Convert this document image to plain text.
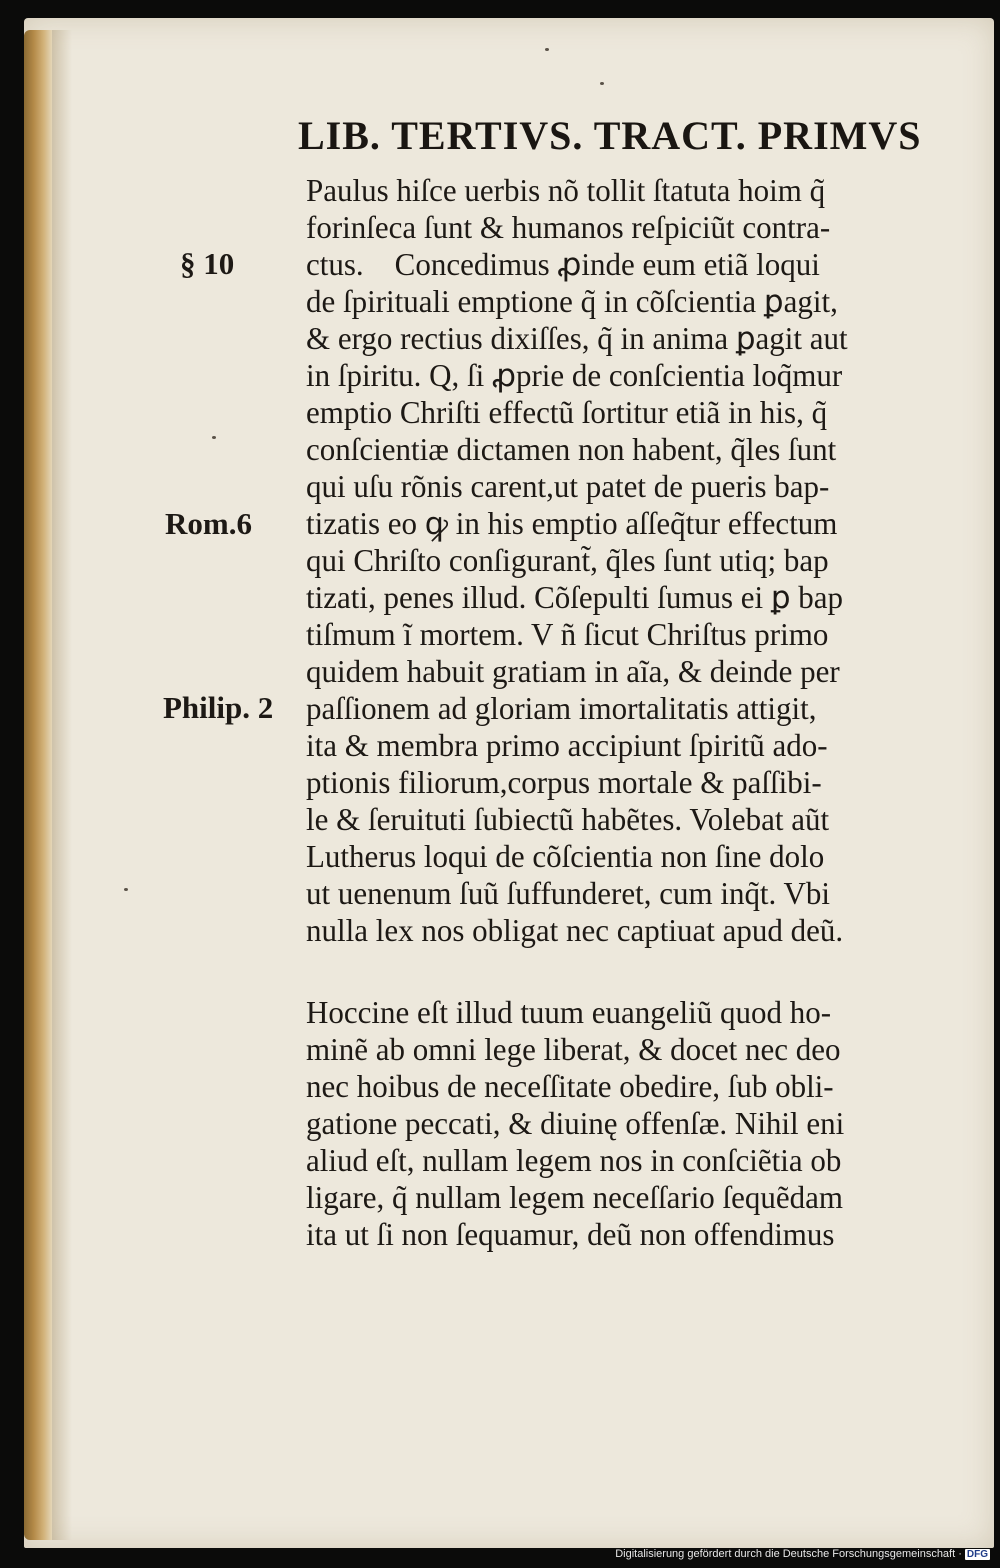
LIB. TERTIVS. TRACT. PRIMVS
§ 10
Rom.6
Philip. 2
Paulus hiſce uerbis nõ tollit ſtatuta hoim q̃
forinſeca ſunt & humanos reſpiciũt contra-
ctus.    Concedimus ꝓinde eum etiã loqui
de ſpirituali emptione q̃ in cõſcientia ꝑagit,
& ergo rectius dixiſſes, q̃ in anima ꝑagit aut
in ſpiritu. Q, ſi ꝓprie de conſcientia loq̃mur
emptio Chriſti effectũ ſortitur etiã in his, q̃
conſcientiæ dictamen non habent, q̃les ſunt
qui uſu rõnis carent,ut patet de pueris bap-
tizatis eo ꝙ in his emptio aſſeq̃tur effectum
qui Chriſto conſigurant̃, q̃les ſunt utiq; bap
tizati, penes illud. Cõſepulti ſumus ei ꝑ bap
tiſmum ĩ mortem. V ñ ſicut Chriſtus primo
quidem habuit gratiam in aĩa, & deinde per
paſſionem ad gloriam imortalitatis attigit,
ita & membra primo accipiunt ſpiritũ ado-
ptionis filiorum,corpus mortale & paſſibi-
le & ſeruituti ſubiectũ habẽtes. Volebat aũt
Lutherus loqui de cõſcientia non ſine dolo
ut uenenum ſuũ ſuffunderet, cum inq̃t. Vbi
nulla lex nos obligat nec captiuat apud deũ.
Hoccine eſt illud tuum euangeliũ quod ho-
minẽ ab omni lege liberat, & docet nec deo
nec hoibus de neceſſitate obedire, ſub obli-
gatione peccati, & diuinę offenſæ. Nihil eni
aliud eſt, nullam legem nos in conſciẽtia ob
ligare, q̃ nullam legem neceſſario ſequẽdam
ita ut ſi non ſequamur, deũ non offendimus
Digitalisierung gefördert durch die Deutsche Forschungsgemeinschaft · DFG
